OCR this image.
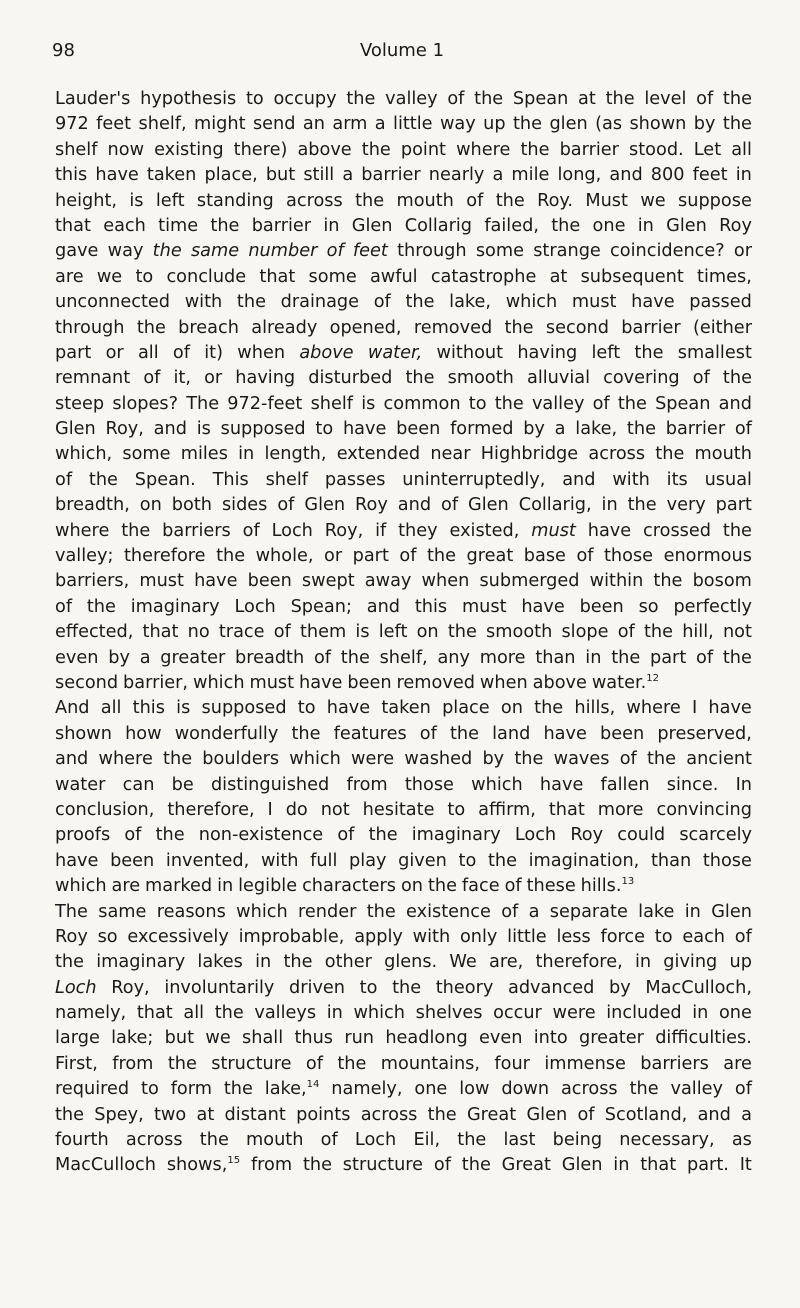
98	Volume 1
Lauder's hypothesis to occupy the valley of the Spean at the level of the
972 feet shelf, might send an arm a little way up the glen (as shown by the
shelf now existing there) above the point where the barrier stood. Let all
this have taken place, but still a barrier nearly a mile long, and 800 feet in
height, is left standing across the mouth of the Roy. Must we suppose
that each time the barrier in Glen Collarig failed, the one in Glen Roy
gave way the same number of feet through some strange coincidence? or
are we to conclude that some awful catastrophe at subsequent times,
unconnected with the drainage of the lake, which must have passed
through the breach already opened, removed the second barrier (either
part or all of it) when above water, without having left the smallest
remnant of it, or having disturbed the smooth alluvial covering of the
steep slopes? The 972-feet shelf is common to the valley of the Spean and
Glen Roy, and is supposed to have been formed by a lake, the barrier of
which, some miles in length, extended near Highbridge across the mouth
of the Spean. This shelf passes uninterruptedly, and with its usual
breadth, on both sides of Glen Roy and of Glen Collarig, in the very part
where the barriers of Loch Roy, if they existed, must have crossed the
valley; therefore the whole, or part of the great base of those enormous
barriers, must have been swept away when submerged within the bosom
of the imaginary Loch Spean; and this must have been so perfectly
effected, that no trace of them is left on the smooth slope of the hill, not
even by a greater breadth of the shelf, any more than in the part of the
second barrier, which must have been removed when above water.$^{12}$
And all this is supposed to have taken place on the hills, where I have
shown how wonderfully the features of the land have been preserved,
and where the boulders which were washed by the waves of the ancient
water can be distinguished from those which have fallen since. In
conclusion, therefore, I do not hesitate to affirm, that more convincing
proofs of the non-existence of the imaginary Loch Roy could scarcely
have been invented, with full play given to the imagination, than those
which are marked in legible characters on the face of these hills.$^{13}$
The same reasons which render the existence of a separate lake in Glen
Roy so excessively improbable, apply with only little less force to each of
the imaginary lakes in the other glens. We are, therefore, in giving up
Loch Roy, involuntarily driven to the theory advanced by MacCulloch,
namely, that all the valleys in which shelves occur were included in one
large lake; but we shall thus run headlong even into greater difficulties.
First, from the structure of the mountains, four immense barriers are
required to form the lake,$^{14}$ namely, one low down across the valley of
the Spey, two at distant points across the Great Glen of Scotland, and a
fourth across the mouth of Loch Eil, the last being necessary, as
MacCulloch shows,$^{15}$ from the structure of the Great Glen in that part. It
